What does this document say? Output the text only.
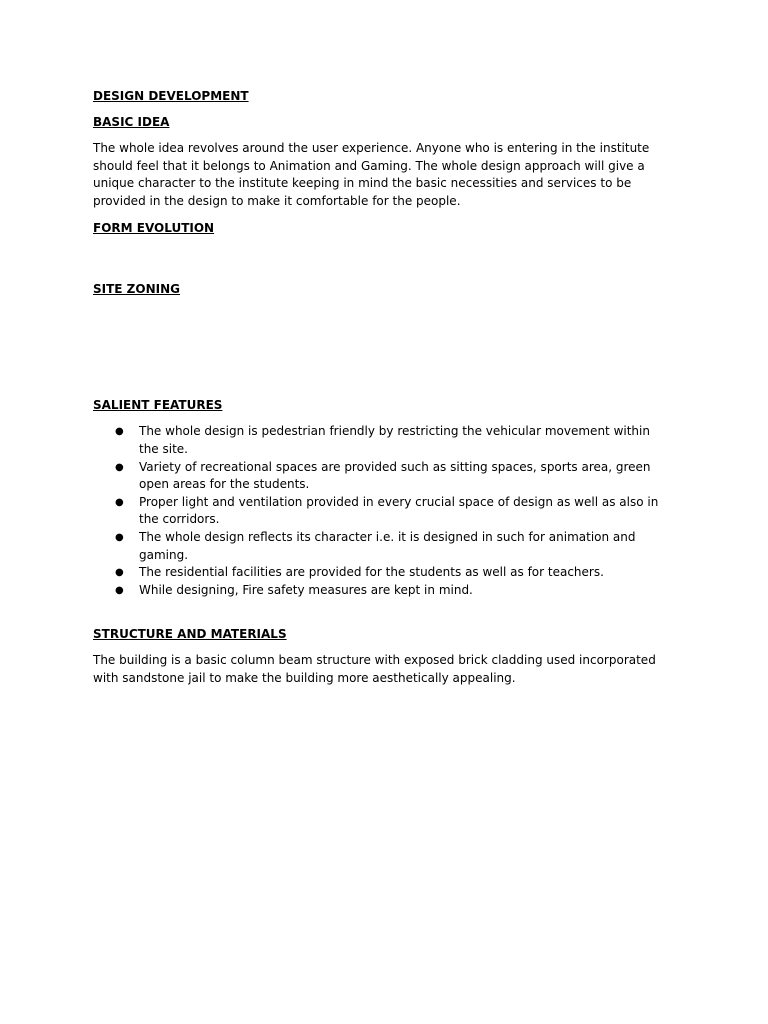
DESIGN DEVELOPMENT
BASIC IDEA
The whole idea revolves around the user experience. Anyone who is entering in the institute should feel that it belongs to Animation and Gaming. The whole design approach will give a unique character to the institute keeping in mind the basic necessities and services to be provided in the design to make it comfortable for the people.
FORM EVOLUTION
SITE ZONING
SALIENT FEATURES
● The whole design is pedestrian friendly by restricting the vehicular movement within the site.
● Variety of recreational spaces are provided such as sitting spaces, sports area, green open areas for the students.
● Proper light and ventilation provided in every crucial space of design as well as also in the corridors.
● The whole design reflects its character i.e. it is designed in such for animation and gaming.
● The residential facilities are provided for the students as well as for teachers.
● While designing, Fire safety measures are kept in mind.
STRUCTURE AND MATERIALS
The building is a basic column beam structure with exposed brick cladding used incorporated with sandstone jail to make the building more aesthetically appealing.
